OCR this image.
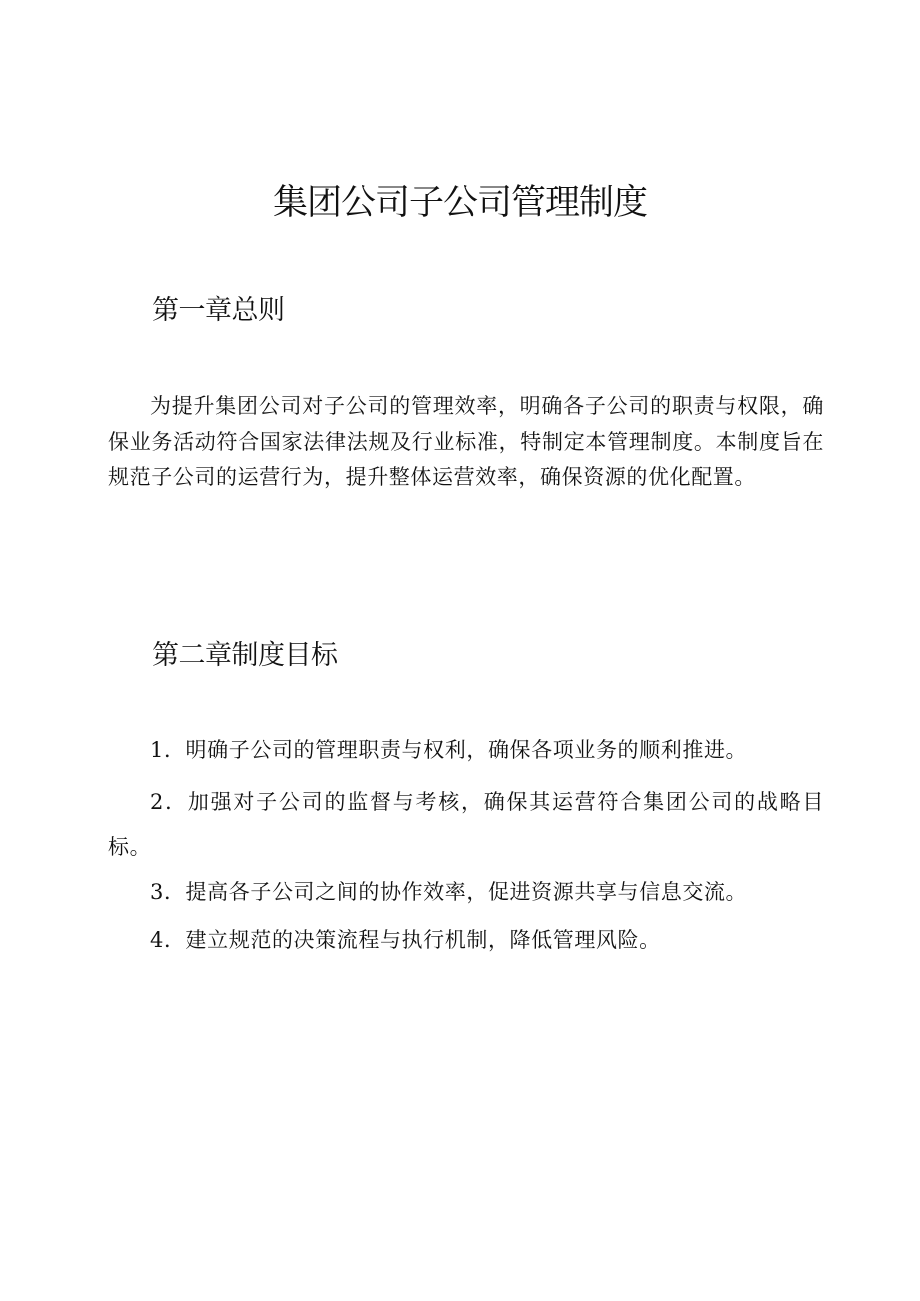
集团公司子公司管理制度
第一章总则

为提升集团公司对子公司的管理效率，明确各子公司的职责与权限，确保业务活动符合国家法律法规及行业标准，特制定本管理制度。本制度旨在规范子公司的运营行为，提升整体运营效率，确保资源的优化配置。

第二章制度目标

1．明确子公司的管理职责与权利，确保各项业务的顺利推进。

2．加强对子公司的监督与考核，确保其运营符合集团公司的战略目标。

3．提高各子公司之间的协作效率，促进资源共享与信息交流。

4．建立规范的决策流程与执行机制，降低管理风险。
